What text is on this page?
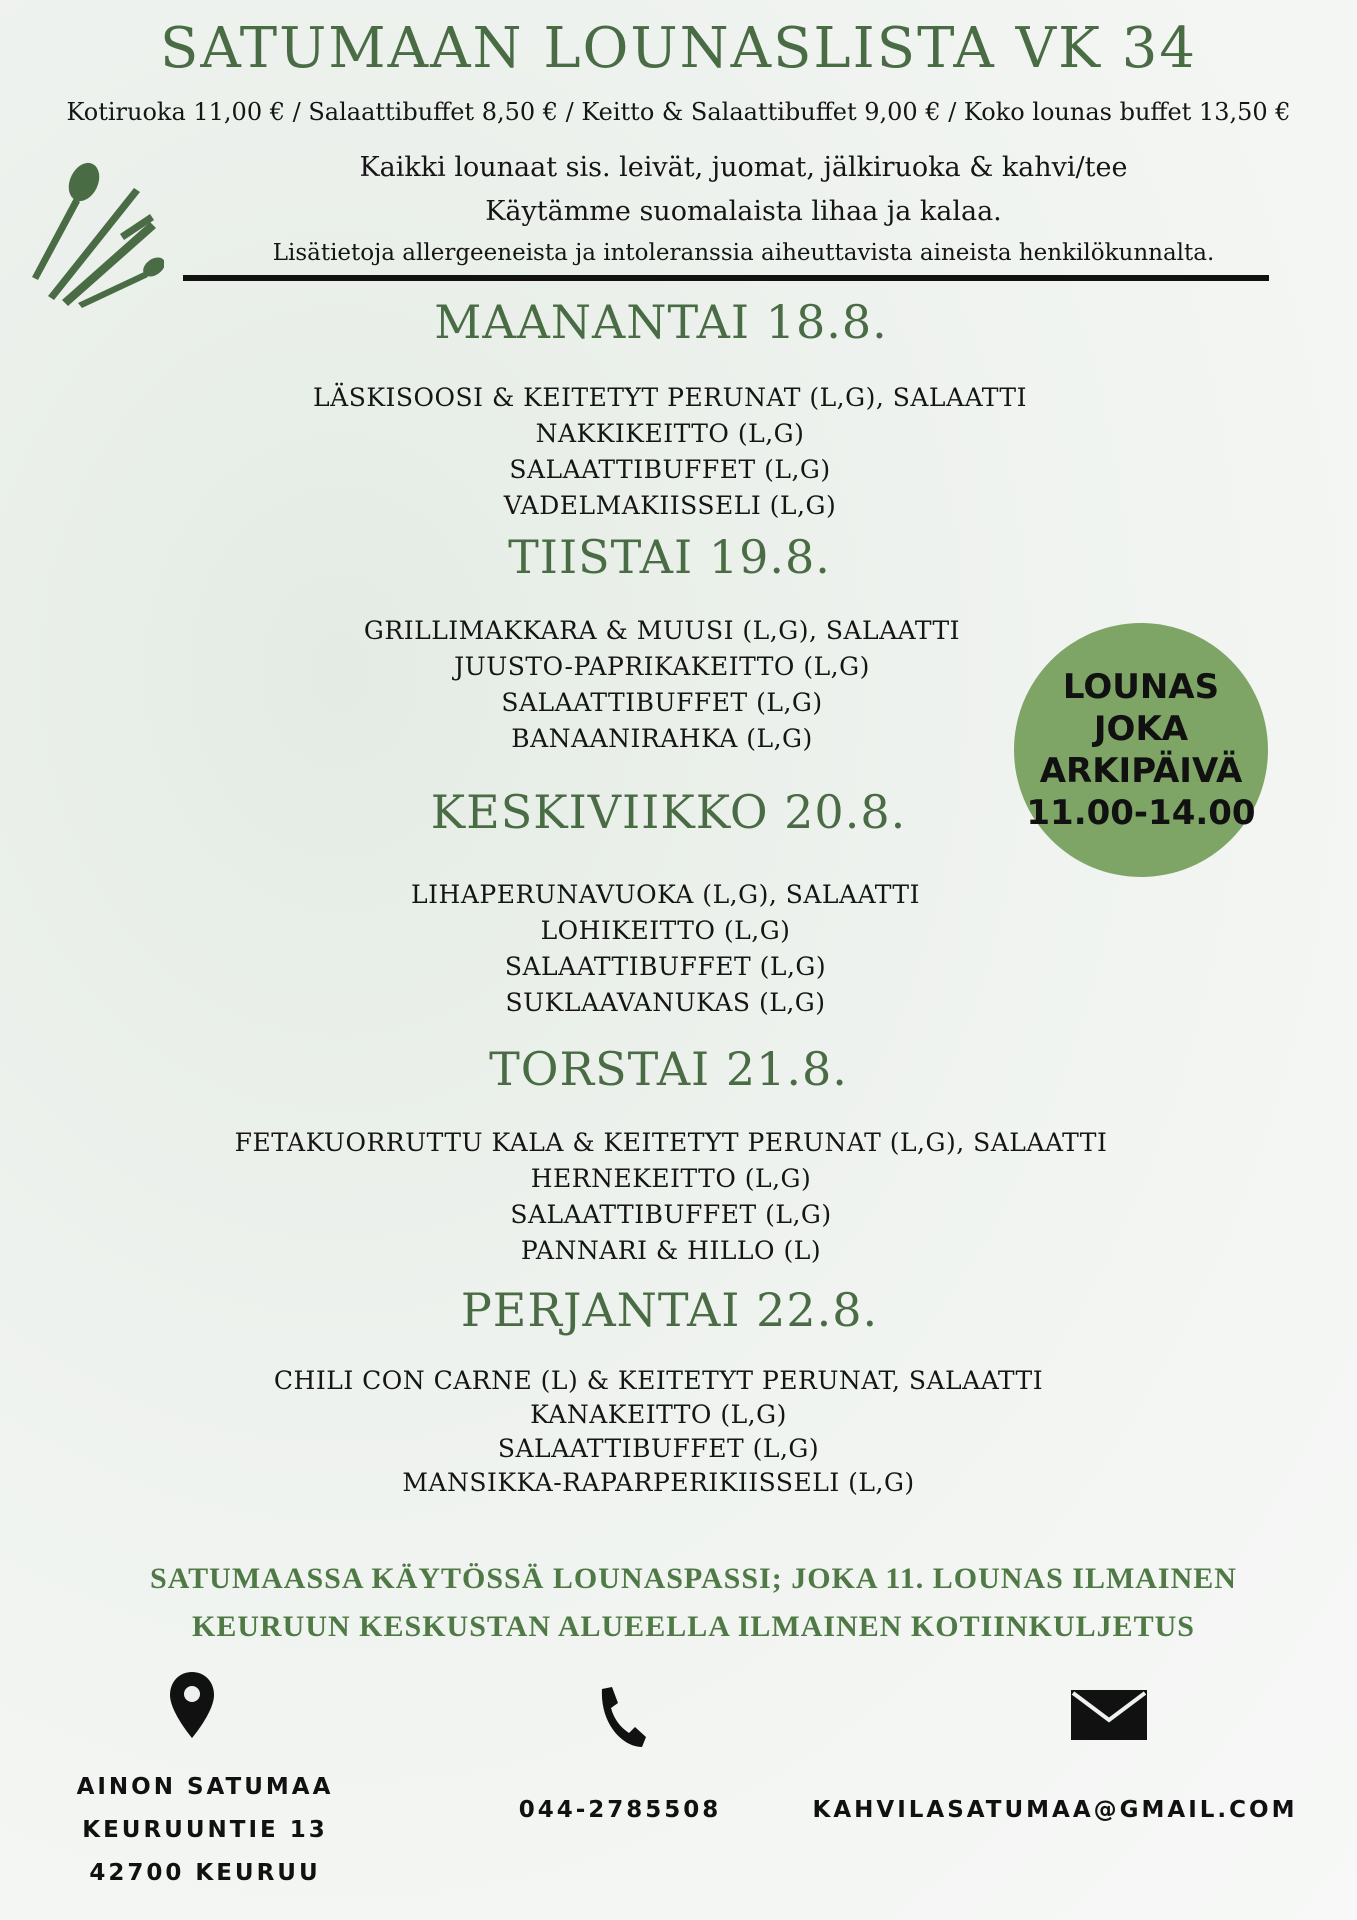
SATUMAAN LOUNASLISTA VK 34
Kotiruoka 11,00 € / Salaattibuffet 8,50 € / Keitto & Salaattibuffet 9,00 € / Koko lounas buffet 13,50 €
Kaikki lounaat sis. leivät, juomat, jälkiruoka & kahvi/tee
Käytämme suomalaista lihaa ja kalaa.
Lisätietoja allergeeneista ja intoleranssia aiheuttavista aineista henkilökunnalta.
MAANANTAI 18.8.
LÄSKISOOSI & KEITETYT PERUNAT (L,G), SALAATTI
NAKKIKEITTO (L,G)
SALAATTIBUFFET (L,G)
VADELMAKIISSELI (L,G)
TIISTAI 19.8.
GRILLIMAKKARA & MUUSI (L,G), SALAATTI
JUUSTO-PAPRIKAKEITTO (L,G)
SALAATTIBUFFET (L,G)
BANAANIRAHKA (L,G)
LOUNAS
JOKA
ARKIPÄIVÄ
11.00-14.00
KESKIVIIKKO 20.8.
LIHAPERUNAVUOKA (L,G), SALAATTI
LOHIKEITTO (L,G)
SALAATTIBUFFET (L,G)
SUKLAAVANUKAS (L,G)
TORSTAI 21.8.
FETAKUORRUTTU KALA & KEITETYT PERUNAT (L,G), SALAATTI
HERNEKEITTO (L,G)
SALAATTIBUFFET (L,G)
PANNARI & HILLO (L)
PERJANTAI 22.8.
CHILI CON CARNE (L) & KEITETYT PERUNAT, SALAATTI
KANAKEITTO (L,G)
SALAATTIBUFFET (L,G)
MANSIKKA-RAPARPERIKIISSELI (L,G)
SATUMAASSA KÄYTÖSSÄ LOUNASPASSI; JOKA 11. LOUNAS ILMAINEN
KEURUUN KESKUSTAN ALUEELLA ILMAINEN KOTIINKULJETUS
AINON SATUMAA
KEURUUNTIE 13
42700 KEURUU
044-2785508	KAHVILASATUMAA@GMAIL.COM
